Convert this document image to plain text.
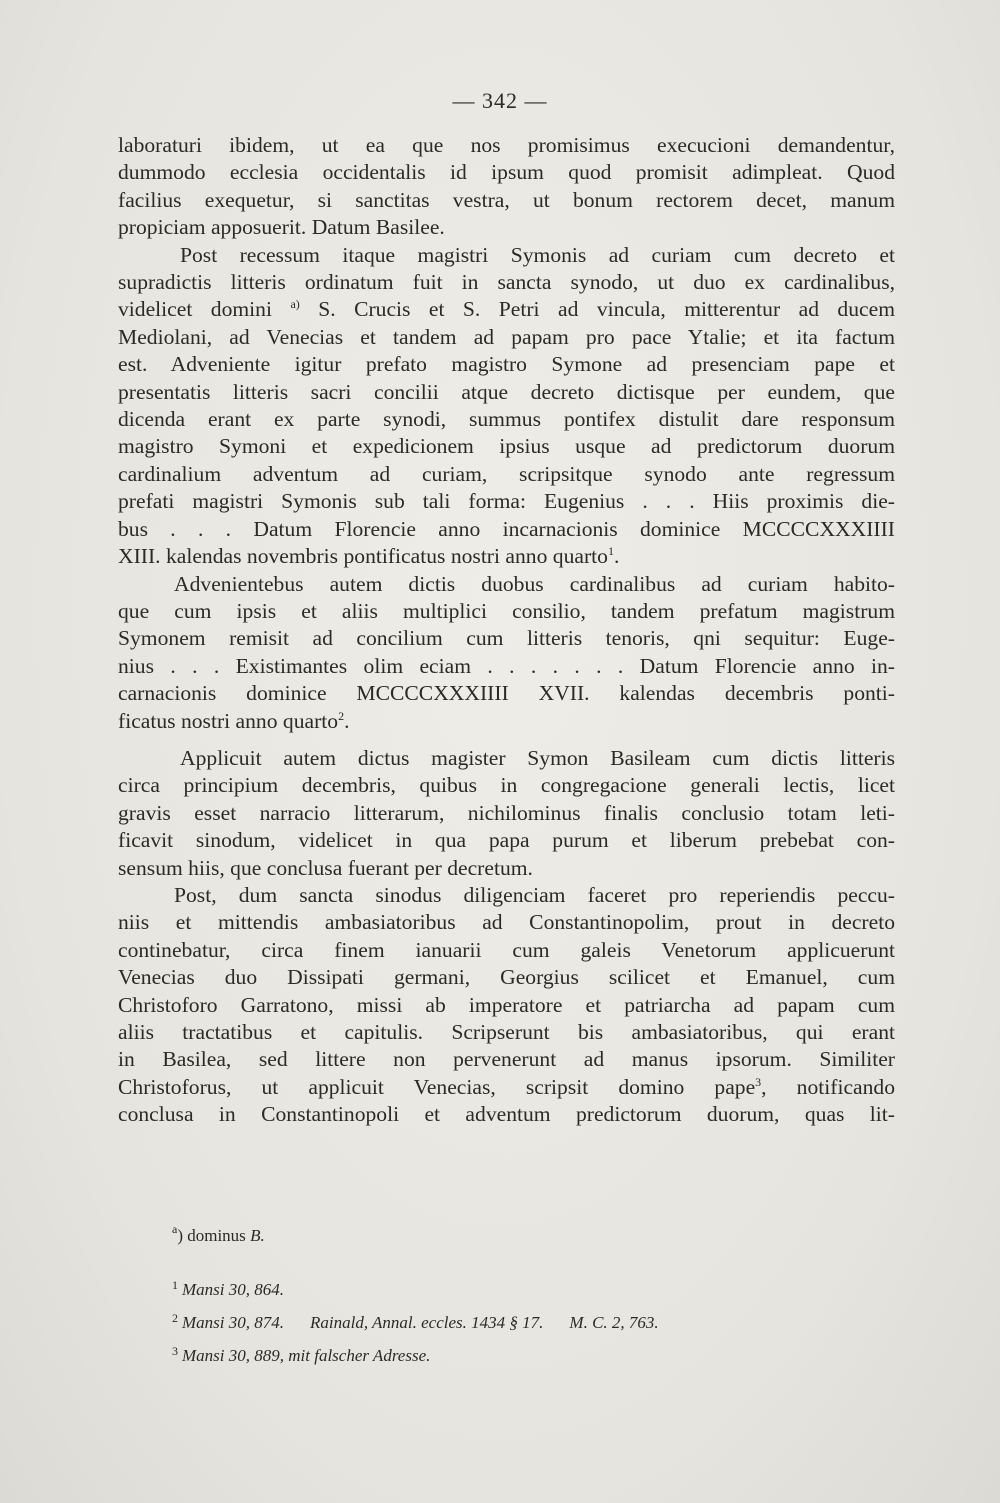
— 342 —
laboraturi ibidem, ut ea que nos promisimus execucioni demandentur,
dummodo ecclesia occidentalis id ipsum quod promisit adimpleat. Quod
facilius exequetur, si sanctitas vestra, ut bonum rectorem decet, manum
propiciam apposuerit. Datum Basilee.
Post recessum itaque magistri Symonis ad curiam cum decreto et
supradictis litteris ordinatum fuit in sancta synodo, ut duo ex cardinalibus,
videlicet domini $^{a)}$ S. Crucis et S. Petri ad vincula, mitterentur ad ducem
Mediolani, ad Venecias et tandem ad papam pro pace Ytalie; et ita factum
est. Adveniente igitur prefato magistro Symone ad presenciam pape et
presentatis litteris sacri concilii atque decreto dictisque per eundem, que
dicenda erant ex parte synodi, summus pontifex distulit dare responsum
magistro Symoni et expedicionem ipsius usque ad predictorum duorum
cardinalium adventum ad curiam, scripsitque synodo ante regressum
prefati magistri Symonis sub tali forma: Eugenius . . . Hiis proximis die-
bus . . . Datum Florencie anno incarnacionis dominice MCCCCXXXIIII
XIII. kalendas novembris pontificatus nostri anno quarto$^1$.
Advenientebus autem dictis duobus cardinalibus ad curiam habito-
que cum ipsis et aliis multiplici consilio, tandem prefatum magistrum
Symonem remisit ad concilium cum litteris tenoris, qni sequitur: Euge-
nius . . . Existimantes olim eciam . . . . . . . Datum Florencie anno in-
carnacionis dominice MCCCCXXXIIII XVII. kalendas decembris ponti-
ficatus nostri anno quarto$^2$.
Applicuit autem dictus magister Symon Basileam cum dictis litteris
circa principium decembris, quibus in congregacione generali lectis, licet
gravis esset narracio litterarum, nichilominus finalis conclusio totam leti-
ficavit sinodum, videlicet in qua papa purum et liberum prebebat con-
sensum hiis, que conclusa fuerant per decretum.
Post, dum sancta sinodus diligenciam faceret pro reperiendis peccu-
niis et mittendis ambasiatoribus ad Constantinopolim, prout in decreto
continebatur, circa finem ianuarii cum galeis Venetorum applicuerunt
Venecias duo Dissipati germani, Georgius scilicet et Emanuel, cum
Christoforo Garratono, missi ab imperatore et patriarcha ad papam cum
aliis tractatibus et capitulis. Scripserunt bis ambasiatoribus, qui erant
in Basilea, sed littere non pervenerunt ad manus ipsorum. Similiter
Christoforus, ut applicuit Venecias, scripsit domino pape$^3$, notificando
conclusa in Constantinopoli et adventum predictorum duorum, quas lit-
$^a$) dominus B.
$^1$ Mansi 30, 864.
$^2$ Mansi 30, 874. Rainald, Annal. eccles. 1434 § 17. M. C. 2, 763.
$^3$ Mansi 30, 889, mit falscher Adresse.
